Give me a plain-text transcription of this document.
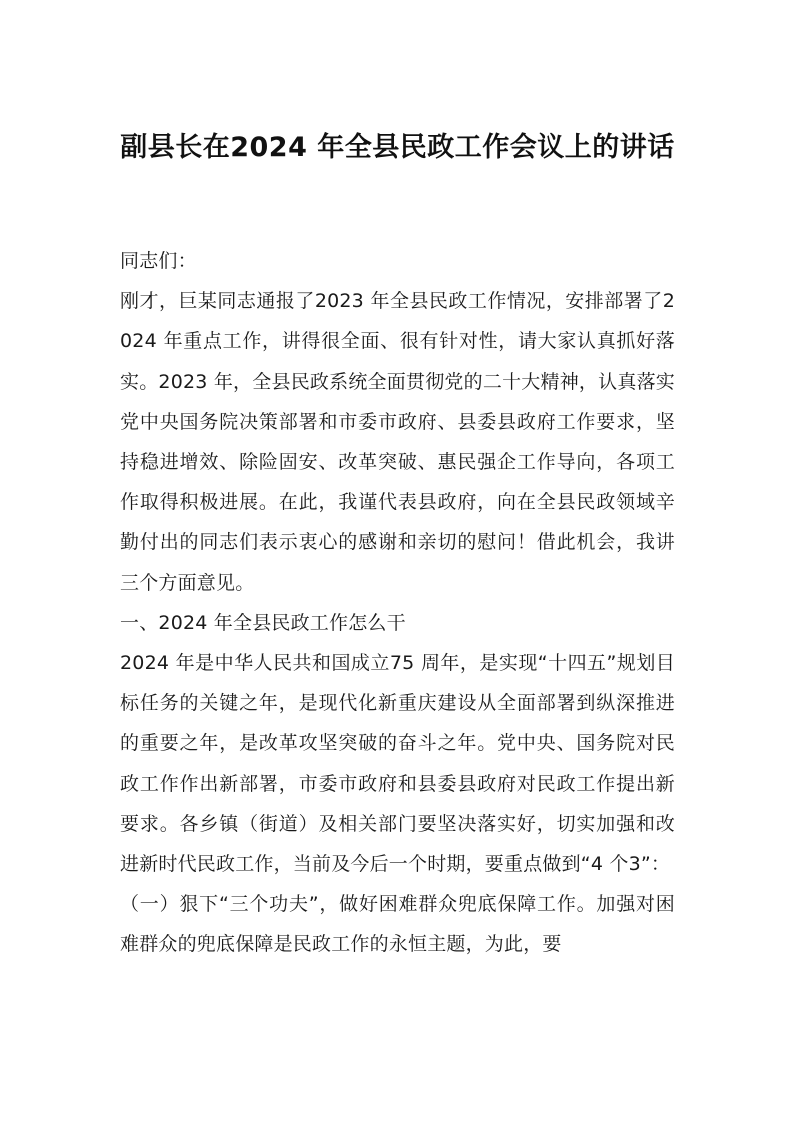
副县长在2024 年全县民政工作会议上的讲话

同志们：

刚才，巨某同志通报了2023 年全县民政工作情况，安排部署了2024 年重点工作，讲得很全面、很有针对性，请大家认真抓好落实。2023 年，全县民政系统全面贯彻党的二十大精神，认真落实党中央国务院决策部署和市委市政府、县委县政府工作要求，坚持稳进增效、除险固安、改革突破、惠民强企工作导向，各项工作取得积极进展。在此，我谨代表县政府，向在全县民政领域辛勤付出的同志们表示衷心的感谢和亲切的慰问！借此机会，我讲三个方面意见。

一、2024 年全县民政工作怎么干

2024 年是中华人民共和国成立75 周年，是实现“十四五”规划目标任务的关键之年，是现代化新重庆建设从全面部署到纵深推进的重要之年，是改革攻坚突破的奋斗之年。党中央、国务院对民政工作作出新部署，市委市政府和县委县政府对民政工作提出新要求。各乡镇（街道）及相关部门要坚决落实好，切实加强和改进新时代民政工作，当前及今后一个时期，要重点做到“4 个3”：

（一）狠下“三个功夫”，做好困难群众兜底保障工作。加强对困难群众的兜底保障是民政工作的永恒主题，为此，要
